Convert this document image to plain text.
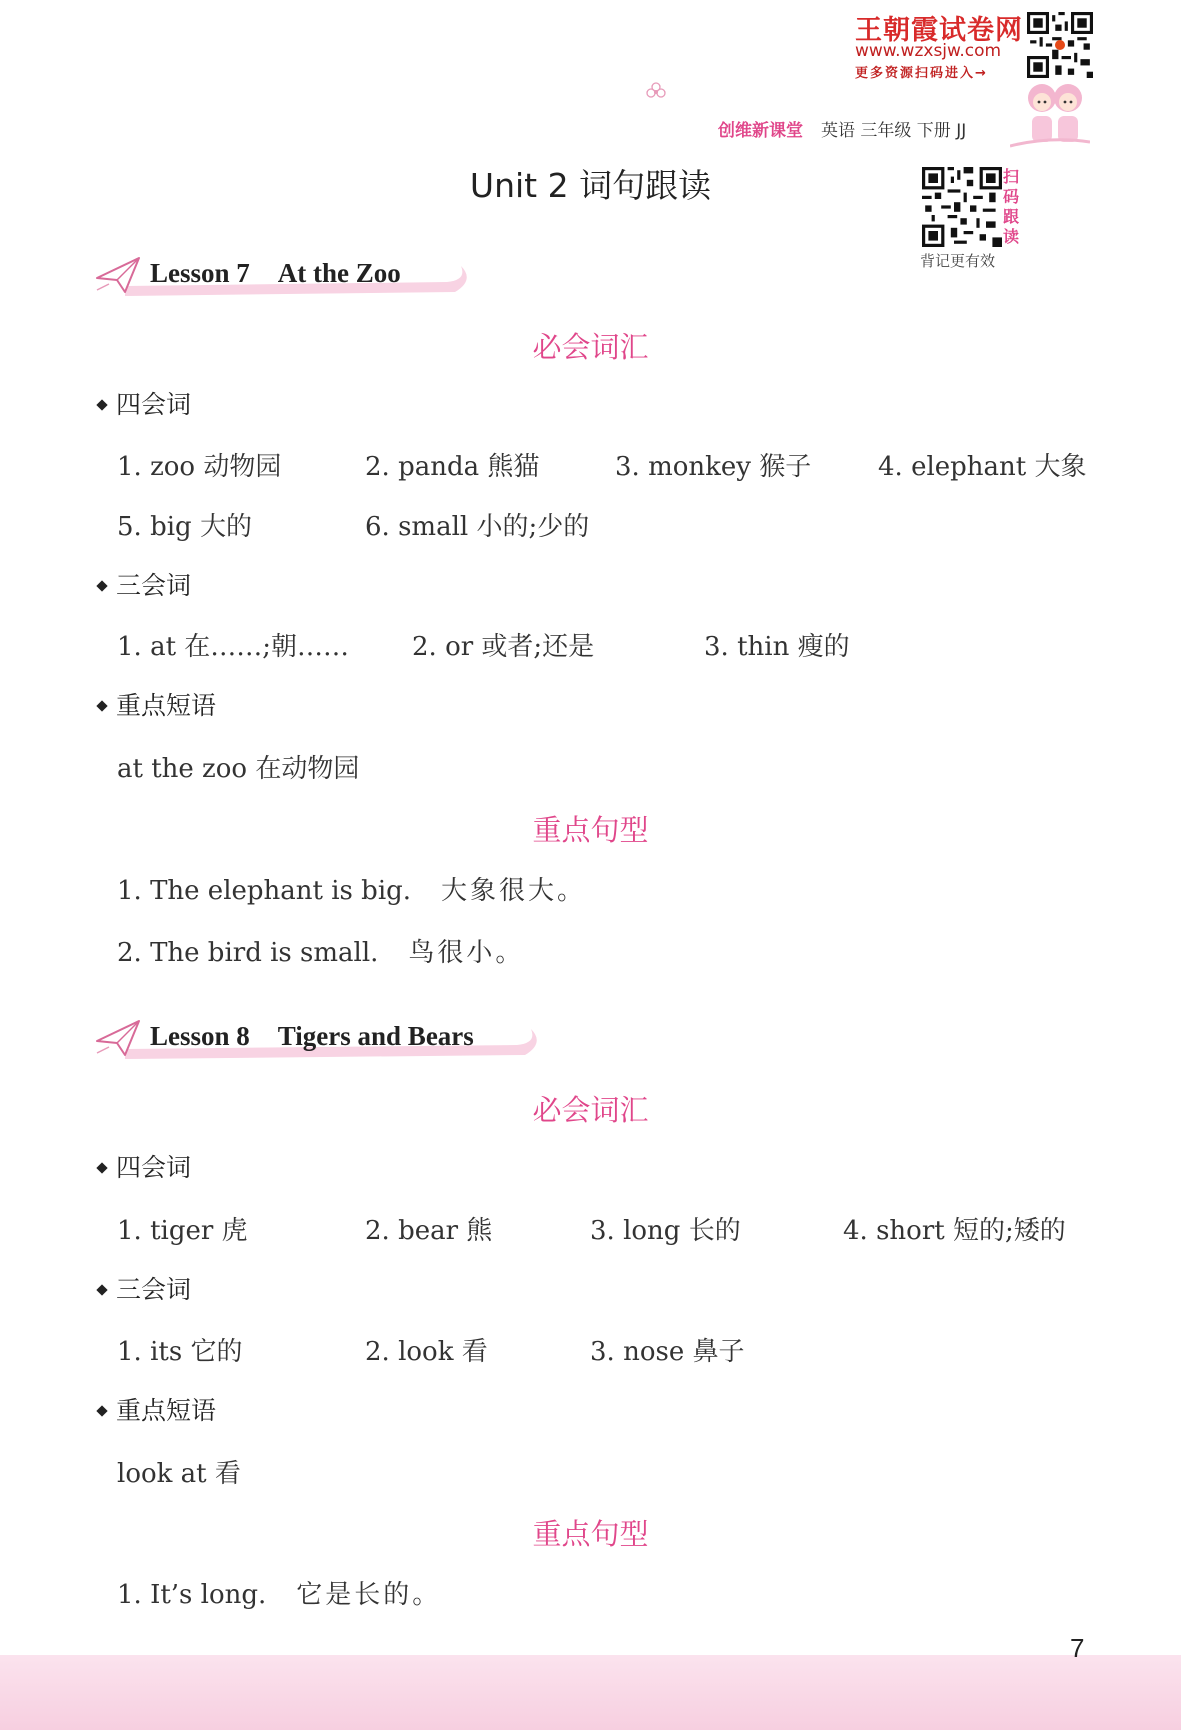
王朝霞试卷网
www.wzxsjw.com
更多资源扫码进入→
创维新课堂 英语 三年级 下册 JJ
Unit 2 词句跟读	扫
码
跟
读
背记更有效
Lesson 7 At the Zoo
必会词汇
四会词
1. zoo 动物园	2. panda 熊猫	3. monkey 猴子	4. elephant 大象
5. big 大的	6. small 小的;少的
三会词
1. at 在……;朝…… 2. or 或者;还是	3. thin 瘦的
重点短语
at the zoo 在动物园
重点句型
1. The elephant is big. 大象很大。
2. The bird is small. 鸟很小。
Lesson 8 Tigers and Bears
必会词汇
四会词
1. tiger 虎	2. bear 熊	3. long 长的	4. short 短的;矮的
三会词
1. its 它的	2. look 看	3. nose 鼻子
重点短语
look at 看
重点句型
1. It’s long. 它是长的。
7
